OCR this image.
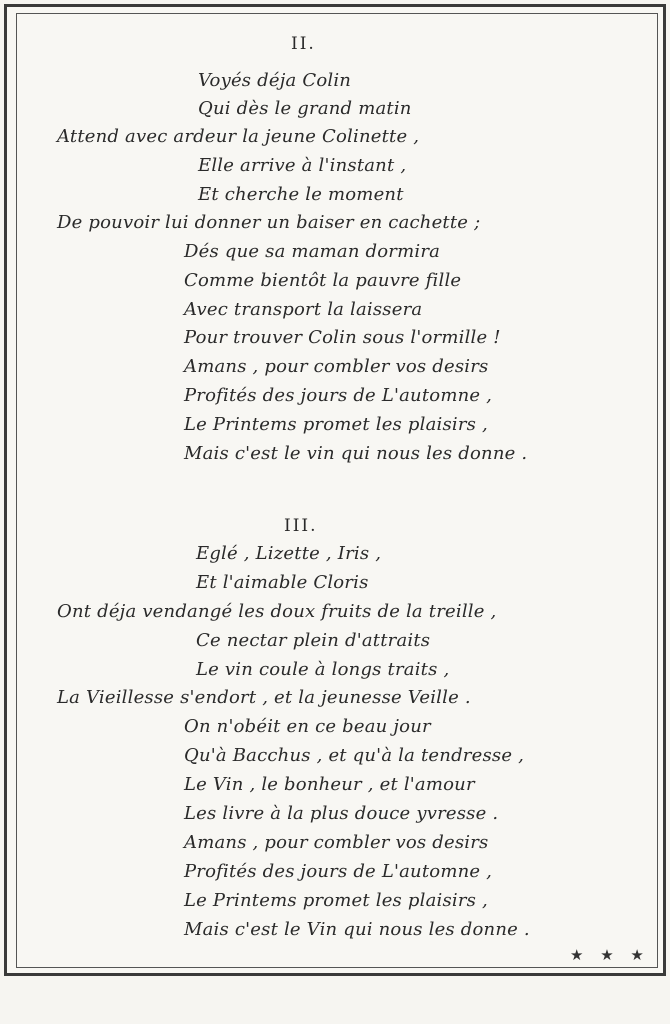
II.
Voyés déja Colin
Qui dès le grand matin
Attend avec ardeur la jeune Colinette ,
Elle arrive à l'instant ,
Et cherche le moment
De pouvoir lui donner un baiser en cachette ;
Dés que sa maman dormira
Comme bientôt la pauvre fille
Avec transport la laissera
Pour trouver Colin sous l'ormille !
Amans , pour combler vos desirs
Profités des jours de L'automne ,
Le Printems promet les plaisirs ,
Mais c'est le vin qui nous les donne .
III.
Eglé , Lizette , Iris ,
Et l'aimable Cloris
Ont déja vendangé les doux fruits de la treille ,
Ce nectar plein d'attraits
Le vin coule à longs traits ,
La Vieillesse s'endort , et la jeunesse Veille .
On n'obéit en ce beau jour
Qu'à Bacchus , et qu'à la tendresse ,
Le Vin , le bonheur , et l'amour
Les livre à la plus douce yvresse .
Amans , pour combler vos desirs
Profités des jours de L'automne ,
Le Printems promet les plaisirs ,
Mais c'est le Vin qui nous les donne .
★ ★ ★
